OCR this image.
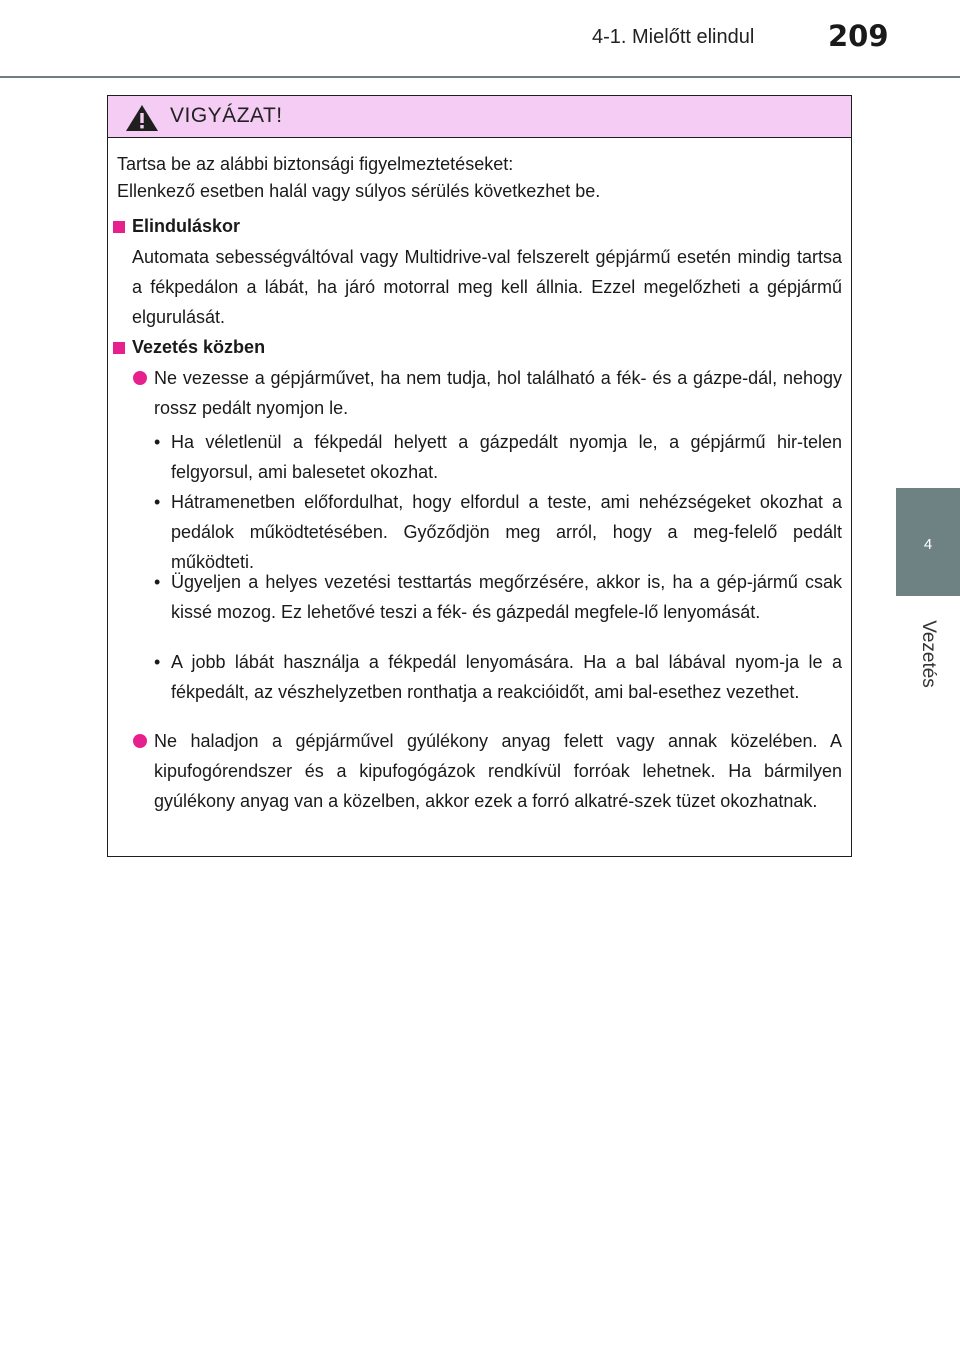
4-1. Mielőtt elindul	209
4
Vezetés
VIGYÁZAT!
Tartsa be az alábbi biztonsági figyelmeztetéseket:
Ellenkező esetben halál vagy súlyos sérülés következhet be.
Elinduláskor
Automata sebességváltóval vagy Multidrive-val felszerelt gépjármű esetén mindig tartsa a fékpedálon a lábát, ha járó motorral meg kell állnia. Ezzel megelőzheti a gépjármű elgurulását.
Vezetés közben
Ne vezesse a gépjárművet, ha nem tudja, hol található a fék- és a gázpe-dál, nehogy rossz pedált nyomjon le.
• Ha véletlenül a fékpedál helyett a gázpedált nyomja le, a gépjármű hir-telen felgyorsul, ami balesetet okozhat.
• Hátramenetben előfordulhat, hogy elfordul a teste, ami nehézségeket okozhat a pedálok működtetésében. Győződjön meg arról, hogy a meg-felelő pedált működteti.
• Ügyeljen a helyes vezetési testtartás megőrzésére, akkor is, ha a gép-jármű csak kissé mozog. Ez lehetővé teszi a fék- és gázpedál megfele-lő lenyomását.
• A jobb lábát használja a fékpedál lenyomására. Ha a bal lábával nyom-ja le a fékpedált, az vészhelyzetben ronthatja a reakcióidőt, ami bal-esethez vezethet.
Ne haladjon a gépjárművel gyúlékony anyag felett vagy annak közelében. A kipufogórendszer és a kipufogógázok rendkívül forróak lehetnek. Ha bármilyen gyúlékony anyag van a közelben, akkor ezek a forró alkatré-szek tüzet okozhatnak.
